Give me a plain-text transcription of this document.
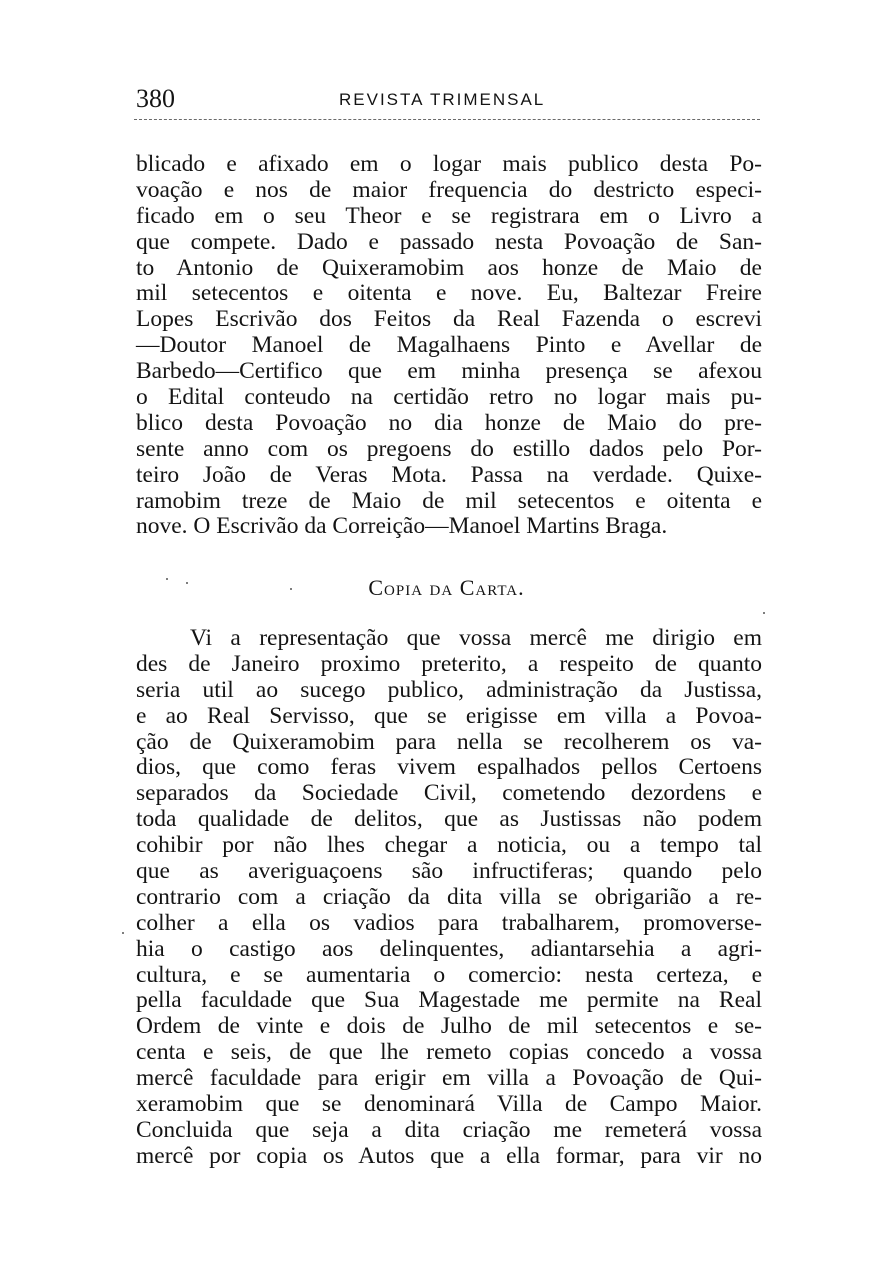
380	REVISTA TRIMENSAL
blicado e afixado em o logar mais publico desta Po-
voação e nos de maior frequencia do destricto especi-
ficado em o seu Theor e se registrara em o Livro a
que compete. Dado e passado nesta Povoação de San-
to Antonio de Quixeramobim aos honze de Maio de
mil setecentos e oitenta e nove. Eu, Baltezar Freire
Lopes Escrivão dos Feitos da Real Fazenda o escrevi
—Doutor Manoel de Magalhaens Pinto e Avellar de
Barbedo—Certifico que em minha presença se afexou
o Edital conteudo na certidão retro no logar mais pu-
blico desta Povoação no dia honze de Maio do pre-
sente anno com os pregoens do estillo dados pelo Por-
teiro João de Veras Mota. Passa na verdade. Quixe-
ramobim treze de Maio de mil setecentos e oitenta e
nove. O Escrivão da Correição—Manoel Martins Braga.
Copia da Carta.
Vi a representação que vossa mercê me dirigio em
des de Janeiro proximo preterito, a respeito de quanto
seria util ao sucego publico, administração da Justissa,
e ao Real Servisso, que se erigisse em villa a Povoa-
ção de Quixeramobim para nella se recolherem os va-
dios, que como feras vivem espalhados pellos Certoens
separados da Sociedade Civil, cometendo dezordens e
toda qualidade de delitos, que as Justissas não podem
cohibir por não lhes chegar a noticia, ou a tempo tal
que as averiguaçoens são infructiferas; quando pelo
contrario com a criação da dita villa se obrigarião a re-
colher a ella os vadios para trabalharem, promoverse-
hia o castigo aos delinquentes, adiantarsehia a agri-
cultura, e se aumentaria o comercio: nesta certeza, e
pella faculdade que Sua Magestade me permite na Real
Ordem de vinte e dois de Julho de mil setecentos e se-
centa e seis, de que lhe remeto copias concedo a vossa
mercê faculdade para erigir em villa a Povoação de Qui-
xeramobim que se denominará Villa de Campo Maior.
Concluida que seja a dita criação me remeterá vossa
mercê por copia os Autos que a ella formar, para vir no
